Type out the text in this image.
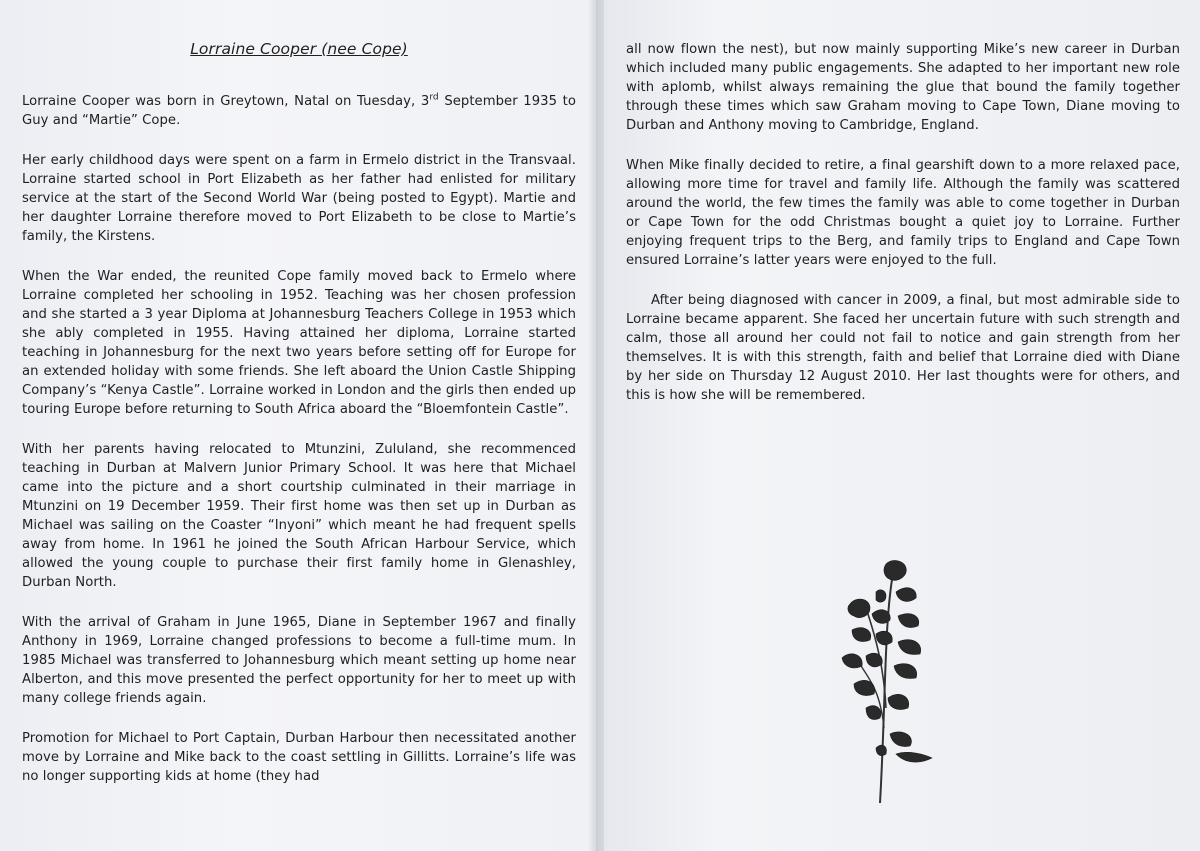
Lorraine Cooper (nee Cope)

Lorraine Cooper was born in Greytown, Natal on Tuesday, 3rd September 1935 to Guy and “Martie” Cope.

Her early childhood days were spent on a farm in Ermelo district in the Transvaal. Lorraine started school in Port Elizabeth as her father had enlisted for military service at the start of the Second World War (being posted to Egypt). Martie and her daughter Lorraine therefore moved to Port Elizabeth to be close to Martie’s family, the Kirstens.

When the War ended, the reunited Cope family moved back to Ermelo where Lorraine completed her schooling in 1952. Teaching was her chosen profession and she started a 3 year Diploma at Johannesburg Teachers College in 1953 which she ably completed in 1955. Having attained her diploma, Lorraine started teaching in Johannesburg for the next two years before setting off for Europe for an extended holiday with some friends. She left aboard the Union Castle Shipping Company’s “Kenya Castle”. Lorraine worked in London and the girls then ended up touring Europe before returning to South Africa aboard the “Bloemfontein Castle”.

With her parents having relocated to Mtunzini, Zululand, she recommenced teaching in Durban at Malvern Junior Primary School. It was here that Michael came into the picture and a short courtship culminated in their marriage in Mtunzini on 19 December 1959. Their first home was then set up in Durban as Michael was sailing on the Coaster “Inyoni” which meant he had frequent spells away from home. In 1961 he joined the South African Harbour Service, which allowed the young couple to purchase their first family home in Glenashley, Durban North.

With the arrival of Graham in June 1965, Diane in September 1967 and finally Anthony in 1969, Lorraine changed professions to become a full-time mum. In 1985 Michael was transferred to Johannesburg which meant setting up home near Alberton, and this move presented the perfect opportunity for her to meet up with many college friends again.

Promotion for Michael to Port Captain, Durban Harbour then necessitated another move by Lorraine and Mike back to the coast settling in Gillitts. Lorraine’s life was no longer supporting kids at home (they had

all now flown the nest), but now mainly supporting Mike’s new career in Durban which included many public engagements. She adapted to her important new role with aplomb, whilst always remaining the glue that bound the family together through these times which saw Graham moving to Cape Town, Diane moving to Durban and Anthony moving to Cambridge, England.

When Mike finally decided to retire, a final gearshift down to a more relaxed pace, allowing more time for travel and family life. Although the family was scattered around the world, the few times the family was able to come together in Durban or Cape Town for the odd Christmas bought a quiet joy to Lorraine. Further enjoying frequent trips to the Berg, and family trips to England and Cape Town ensured Lorraine’s latter years were enjoyed to the full.

After being diagnosed with cancer in 2009, a final, but most admirable side to Lorraine became apparent. She faced her uncertain future with such strength and calm, those all around her could not fail to notice and gain strength from her themselves. It is with this strength, faith and belief that Lorraine died with Diane by her side on Thursday 12 August 2010. Her last thoughts were for others, and this is how she will be remembered.
